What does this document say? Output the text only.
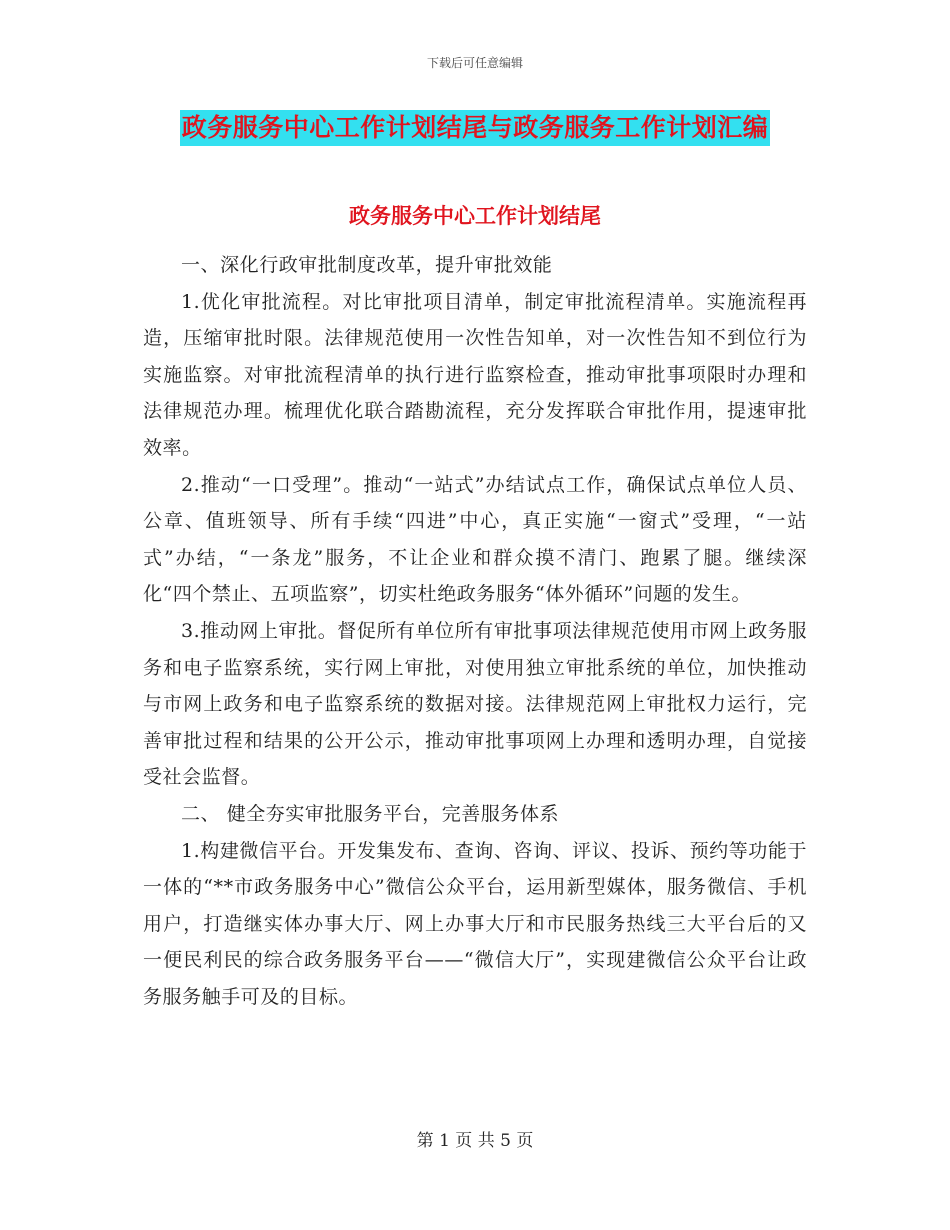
下载后可任意编辑
政务服务中心工作计划结尾与政务服务工作计划汇编
政务服务中心工作计划结尾

一、深化行政审批制度改革，提升审批效能

1.优化审批流程。对比审批项目清单，制定审批流程清单。实施流程再造，压缩审批时限。法律规范使用一次性告知单，对一次性告知不到位行为实施监察。对审批流程清单的执行进行监察检查，推动审批事项限时办理和法律规范办理。梳理优化联合踏勘流程，充分发挥联合审批作用，提速审批效率。

2.推动“一口受理”。推动“一站式”办结试点工作，确保试点单位人员、公章、值班领导、所有手续“四进”中心，真正实施“一窗式”受理，“一站式”办结，“一条龙”服务，不让企业和群众摸不清门、跑累了腿。继续深化“四个禁止、五项监察”，切实杜绝政务服务“体外循环”问题的发生。

3.推动网上审批。督促所有单位所有审批事项法律规范使用市网上政务服务和电子监察系统，实行网上审批，对使用独立审批系统的单位，加快推动与市网上政务和电子监察系统的数据对接。法律规范网上审批权力运行，完善审批过程和结果的公开公示，推动审批事项网上办理和透明办理，自觉接受社会监督。

二、 健全夯实审批服务平台，完善服务体系

1.构建微信平台。开发集发布、查询、咨询、评议、投诉、预约等功能于一体的“**市政务服务中心”微信公众平台，运用新型媒体，服务微信、手机用户，打造继实体办事大厅、网上办事大厅和市民服务热线三大平台后的又一便民利民的综合政务服务平台——“微信大厅”，实现建微信公众平台让政务服务触手可及的目标。

第 1 页 共 5 页
